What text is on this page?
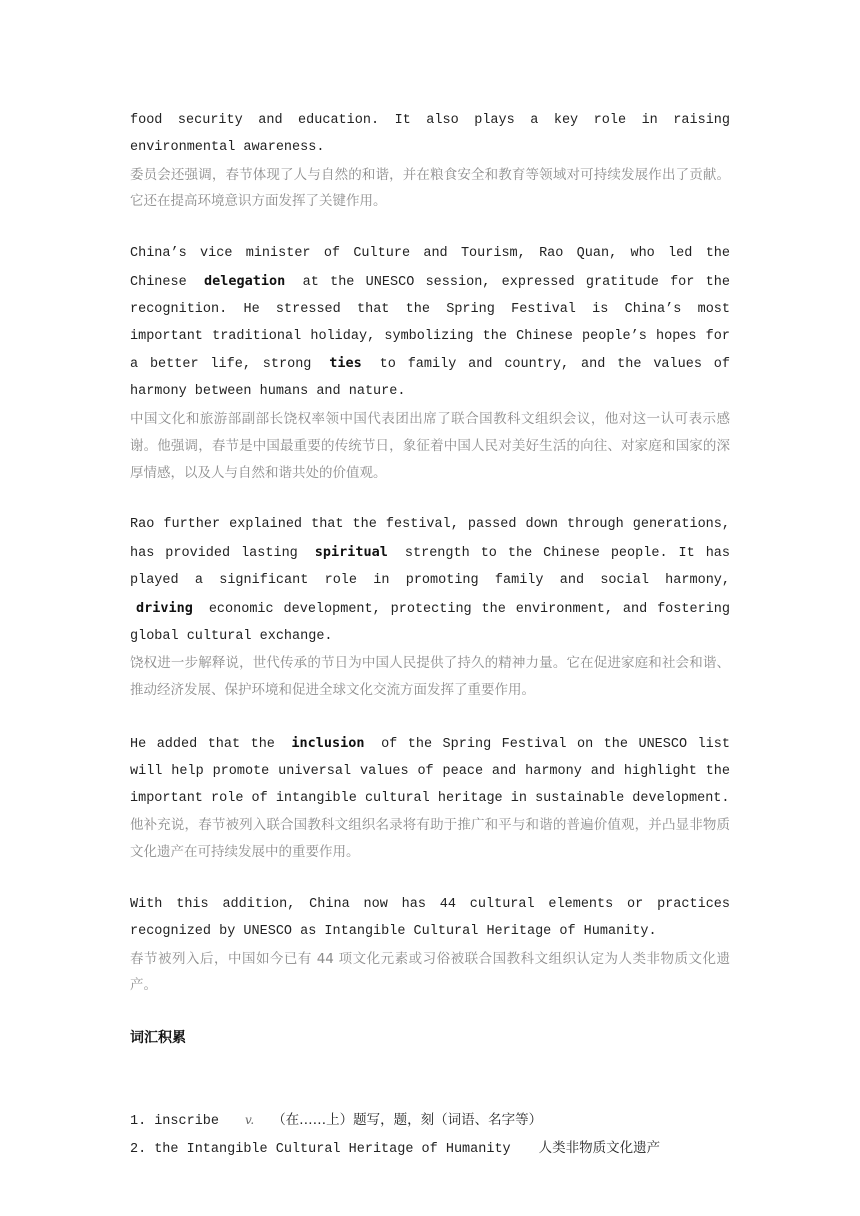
food security and education. It also plays a key role in raising environmental awareness.

委员会还强调，春节体现了人与自然的和谐，并在粮食安全和教育等领域对可持续发展作出了贡献。它还在提高环境意识方面发挥了关键作用。

China’s vice minister of Culture and Tourism, Rao Quan, who led the Chinese delegation at the UNESCO session, expressed gratitude for the recognition. He stressed that the Spring Festival is China’s most important traditional holiday, symbolizing the Chinese people’s hopes for a better life, strong ties to family and country, and the values of harmony between humans and nature.

中国文化和旅游部副部长饶权率领中国代表团出席了联合国教科文组织会议，他对这一认可表示感谢。他强调，春节是中国最重要的传统节日，象征着中国人民对美好生活的向往、对家庭和国家的深厚情感，以及人与自然和谐共处的价值观。

Rao further explained that the festival, passed down through generations, has provided lasting spiritual strength to the Chinese people. It has played a significant role in promoting family and social harmony, driving economic development, protecting the environment, and fostering global cultural exchange.

饶权进一步解释说，世代传承的节日为中国人民提供了持久的精神力量。它在促进家庭和社会和谐、推动经济发展、保护环境和促进全球文化交流方面发挥了重要作用。

He added that the inclusion of the Spring Festival on the UNESCO list will help promote universal values of peace and harmony and highlight the important role of intangible cultural heritage in sustainable development.

他补充说，春节被列入联合国教科文组织名录将有助于推广和平与和谐的普遍价值观，并凸显非物质文化遗产在可持续发展中的重要作用。

With this addition, China now has 44 cultural elements or practices recognized by UNESCO as Intangible Cultural Heritage of Humanity.

春节被列入后，中国如今已有 44 项文化元素或习俗被联合国教科文组织认定为人类非物质文化遗产。

词汇积累

1. inscribe v. （在……上）题写，题，刻（词语、名字等）
2. the Intangible Cultural Heritage of Humanity 人类非物质文化遗产
